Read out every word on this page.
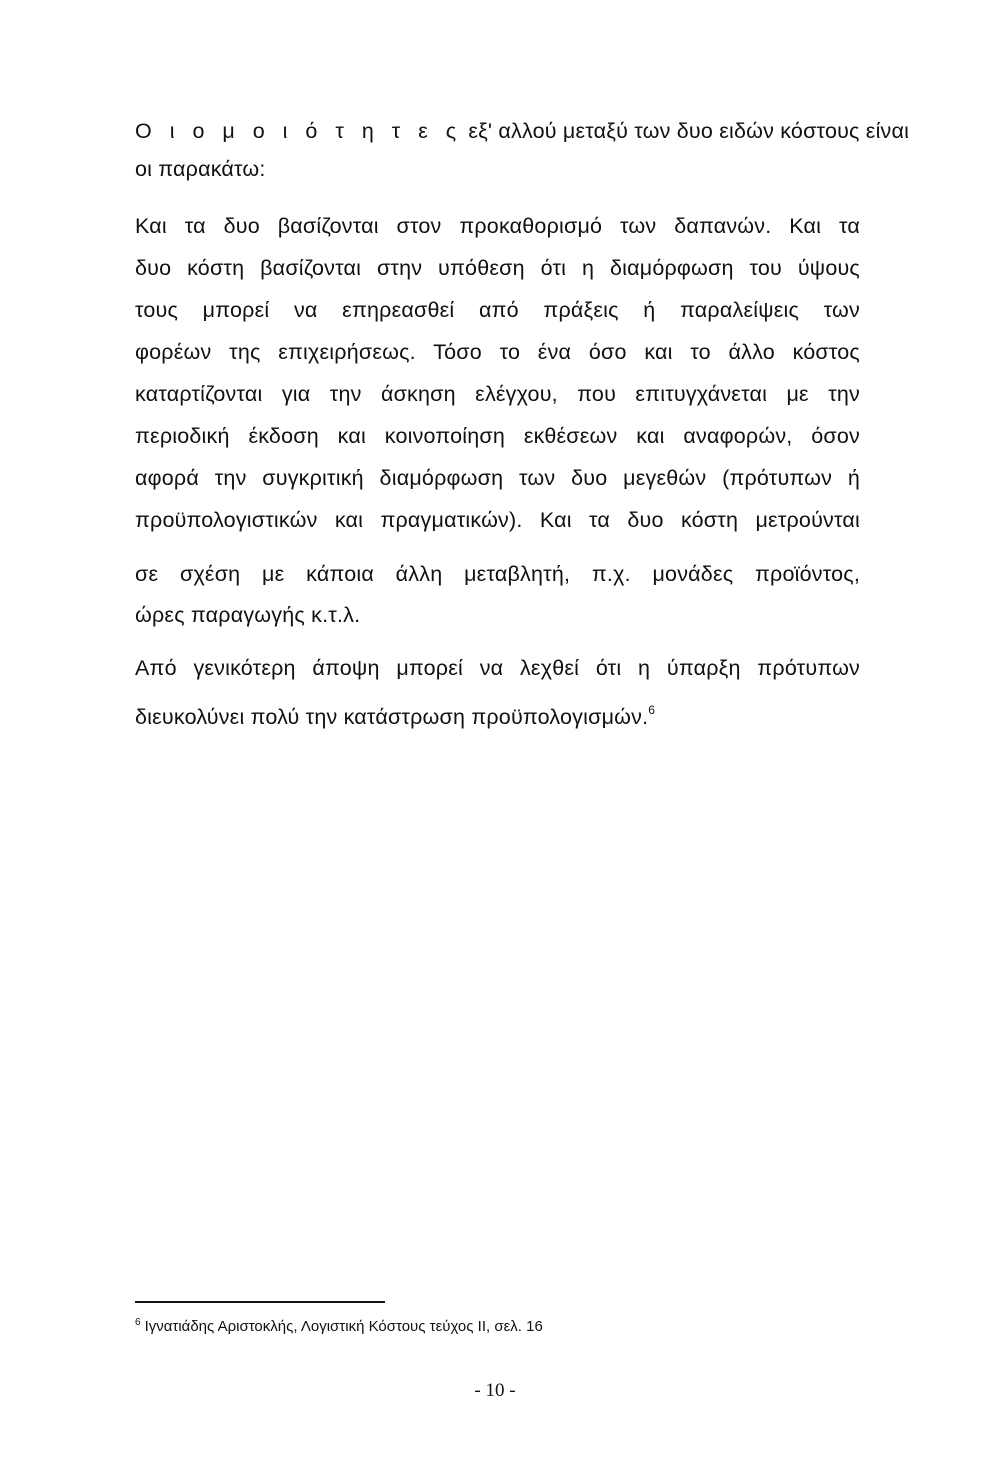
Ο ι ο μ ο ι ό τ η τ ε ς εξ' αλλού μεταξύ των δυο ειδών κόστους είναι
οι παρακάτω:
Και τα δυο βασίζονται στον προκαθορισμό των δαπανών. Και τα
δυο κόστη βασίζονται στην υπόθεση ότι η διαμόρφωση του ύψους
τους μπορεί να επηρεασθεί από πράξεις ή παραλείψεις των
φορέων της επιχειρήσεως. Τόσο το ένα όσο και το άλλο κόστος
καταρτίζονται για την άσκηση ελέγχου, που επιτυγχάνεται με την
περιοδική έκδοση και κοινοποίηση εκθέσεων και αναφορών, όσον
αφορά την συγκριτική διαμόρφωση των δυο μεγεθών (πρότυπων ή
προϋπολογιστικών και πραγματικών). Και τα δυο κόστη μετρούνται
σε σχέση με κάποια άλλη μεταβλητή, π.χ. μονάδες προϊόντος,
ώρες παραγωγής κ.τ.λ.
Από γενικότερη άποψη μπορεί να λεχθεί ότι η ύπαρξη πρότυπων
διευκολύνει πολύ την κατάστρωση προϋπολογισμών.$^6$
$^6$ Ιγνατιάδης Αριστοκλής, Λογιστική Κόστους τεύχος ΙΙ, σελ. 16
- 10 -
